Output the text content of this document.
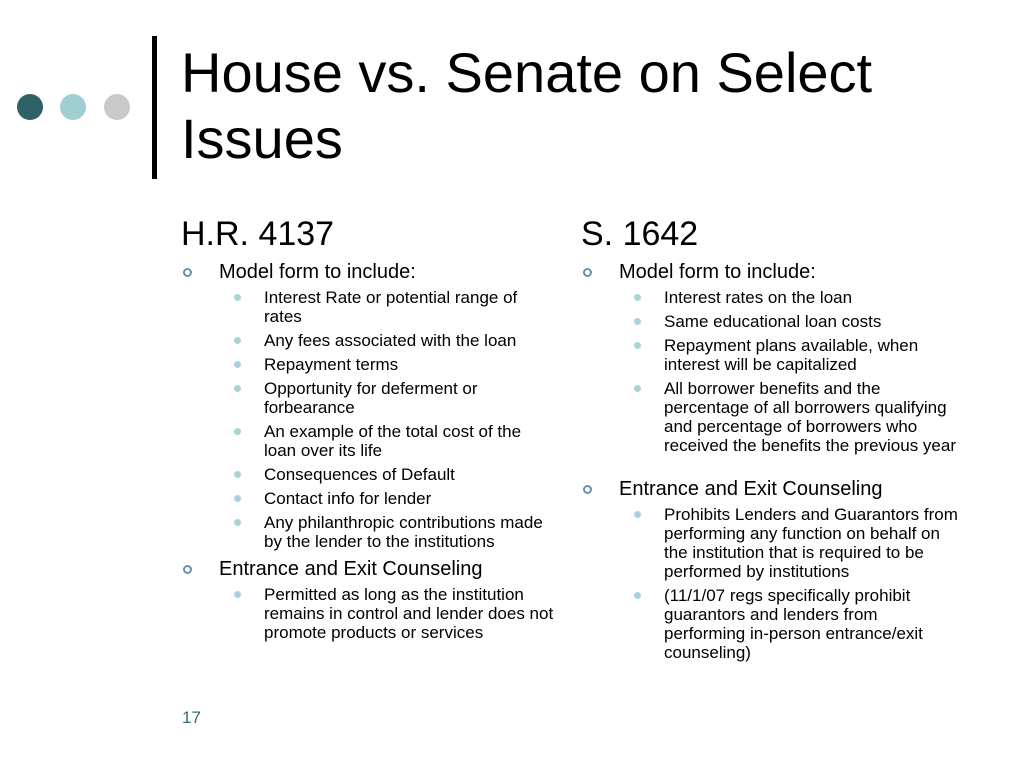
House vs. Senate on Select Issues
H.R. 4137
Model form to include:
Interest Rate or potential range of rates
Any fees associated with the loan
Repayment terms
Opportunity for deferment or forbearance
An example of the total cost of the loan over its life
Consequences of Default
Contact info for lender
Any philanthropic contributions made by the lender to the institutions
Entrance and Exit Counseling
Permitted as long as the institution remains in control and lender does not promote products or services
S. 1642
Model form to include:
Interest rates on the loan
Same educational loan costs
Repayment plans available, when interest will be capitalized
All borrower benefits and the percentage of all borrowers qualifying and percentage of borrowers who received the benefits the previous year
Entrance and Exit Counseling
Prohibits Lenders and Guarantors from performing any function on behalf on the institution that is required to be performed by institutions
(11/1/07 regs specifically prohibit guarantors and lenders from performing in-person entrance/exit counseling)
17
